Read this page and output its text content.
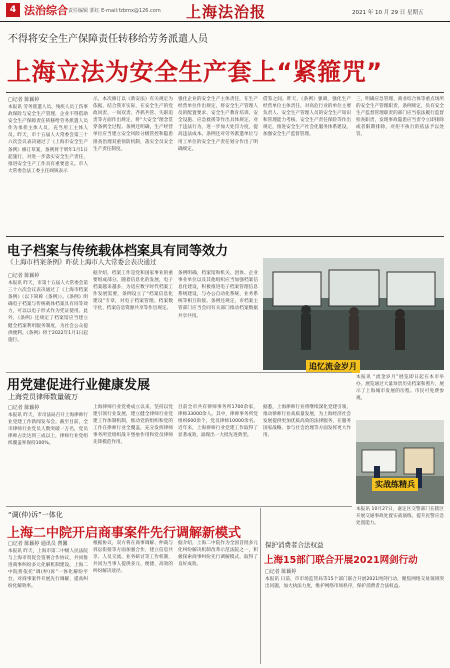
4 法治综合 责任编辑 郭红 E-mail:fzbmx@126.com 上海法治报	2021 年 10 月 29 日 星期五
不得将安全生产保障责任转移给劳务派遣人员
上海立法为安全生产套上“紧箍咒”
□记者 陈颖婷
本报讯 劳务派遣人员、残疾人员工伤事故保险与安全生产管理，企业不得借助安全生产保障责任转移给劳务派遣人员作为承担主体人员，充当用工主体人员。昨天，市十五届人大常委会第三十六次会议表决通过了《上海市安全生产条例》修订草案，条例将于明年1月1日起施行，对进一步落实安全生产责任，推进安全生产工作具有重要意义。市人大常委会法工委主任阎锐表示
示，本次修订以《新安法》有关规定为依据，结合我市实际，在安全生产的党政同责、一岗双责、齐抓共管、失职追责等方面作出规定，将“大安全”理念贯穿条例全过程。条例还明确，生产经营单位应当建立安全风险分级管控和隐患排查治理双重预防机制，落实全员安全生产责任制度。
强化企业的安全生产主体责任，在生产经营单位作出规定，将安全生产管理人员的配置要求、安全生产教育培训、安全设施、应急救援等作出具体规定。对于违法行为，进一步加大处罚力度，提高违法成本。条例还对劳务派遣单位与用工单位的安全生产责任划分作出了明确规定。
借鉴之间。昨天，《条例》强调，强化生产经营单位主体责任，对高危行业的单位主要负责人、安全生产管理人员的安全生产知识和管理能力考核、安全生产责任保险等作出规定，推进安全生产社会化服务体系建设，加强安全生产监督管理。
三，明确应急管理、商业综合体等重点场所的安全生产管理职责，条例规定，负有安全生产监督管理职责的部门应当依法履行监督检查职责，发现事故隐患应当责令立即排除或者限期排除，对拒不执行的依法予以处罚。
电子档案与传统载体档案具有同等效力
《上海市档案条例》昨获上海市人大常委会表决通过
□记者 陈颖婷
本报讯 昨天，市第十五届人大常委会第三十六次会议表决通过了《上海市档案条例》（以下简称《条例》）。《条例》明确电子档案与传统载体档案具有同等效力，可以以电子形式作为凭证使用。此外，《条例》还规定了档案馆应当建立健全档案利用服务制度，为社会公众提供便利。《条例》将于2022年1月1日起施行。
据介绍，档案工作是党和国家事业的重要组成部分。随着信息化的发展，电子档案越来越多，为适应数字时代档案工作发展需要，条例设立了“档案信息化建设”专章，对电子档案管理、档案数字化、档案信息资源共享等作出规定。
条例明确，档案馆和机关、团体、企业事业单位以及其他组织应当加强档案信息化建设，积极推进电子档案管理信息系统建设，与办公自动化系统、业务系统等相互衔接。条例还规定，市档案主管部门应当会同有关部门推动档案数据共享共用。
追忆流金岁月
本报讯 “流金岁月”展览即日起在本市举办，展览通过大量珍贵历史档案和照片，展示了上海城市发展的历程。市民可免费参观。
用党建促进行业健康发展
上海党员律师数量破万
□记者 陈颖婷
本报讯 昨天，市司法局召开上海律师行业党建工作新闻发布会。截至目前，全市律师行业党员人数突破一万名，党员律师占比达到三成以上，律师行业党组织覆盖率保持100%。
上海律师行业党委成立以来，坚持以党建引领行业发展，建立健全律师行业党建工作体制机制，推动党的组织和党的工作在律师行业全覆盖，充分发挥律师事务所党组织战斗堡垒作用和党员律师先锋模范作用。
目前全市共有律师事务所1700余家，律师33000余人。其中，律师事务所党组织600余个，党员律师10000余名。近年来，上海律师行业党建工作取得了显著成效，涌现出一大批先进典型。
据悉，上海律师行业将继续深化党建引领，推动律师行业高质量发展，为上海经济社会发展提供更加优质高效的法律服务，在服务国家战略、参与社会治理等方面发挥更大作用。
实战练精兵
本报讯 10月27日，嘉定区交警部门在辖区开展交通事故处置实战演练，提升民警应急处置能力。
“调(仲)诉”一体化
上海二中院开启商事案件先行调解新模式
□记者 陈颖婷 通讯员 曹馨
本报讯 昨天，上海市第二中级人民法院与上海市贸促会签署合作协议，共同推进商事纠纷多元化解机制建设。上海二中院将依托“调(仲)诉”一体化解纷平台，对商事案件开展先行调解，提高纠纷化解效率。
根据协议，双方将在商事调解、仲裁与诉讼衔接等方面加强合作，建立信息共享、人员交流、业务研讨等工作机制，共同为当事人提供多元、便捷、高效的纠纷解决途径。
据介绍，上海二中院作为全国首批多元化纠纷解决机制改革示范法院之一，积极探索商事纠纷先行调解模式，取得了良好成效。
保护消费者合法权益
上海15部门联合开展2021网剑行动
□记者 陈颖婷
本报讯 日前，市市场监管局等15个部门联合开展2021网剑行动，聚焦网络交易领域突出问题，加大执法力度，维护网络市场秩序，保护消费者合法权益。
